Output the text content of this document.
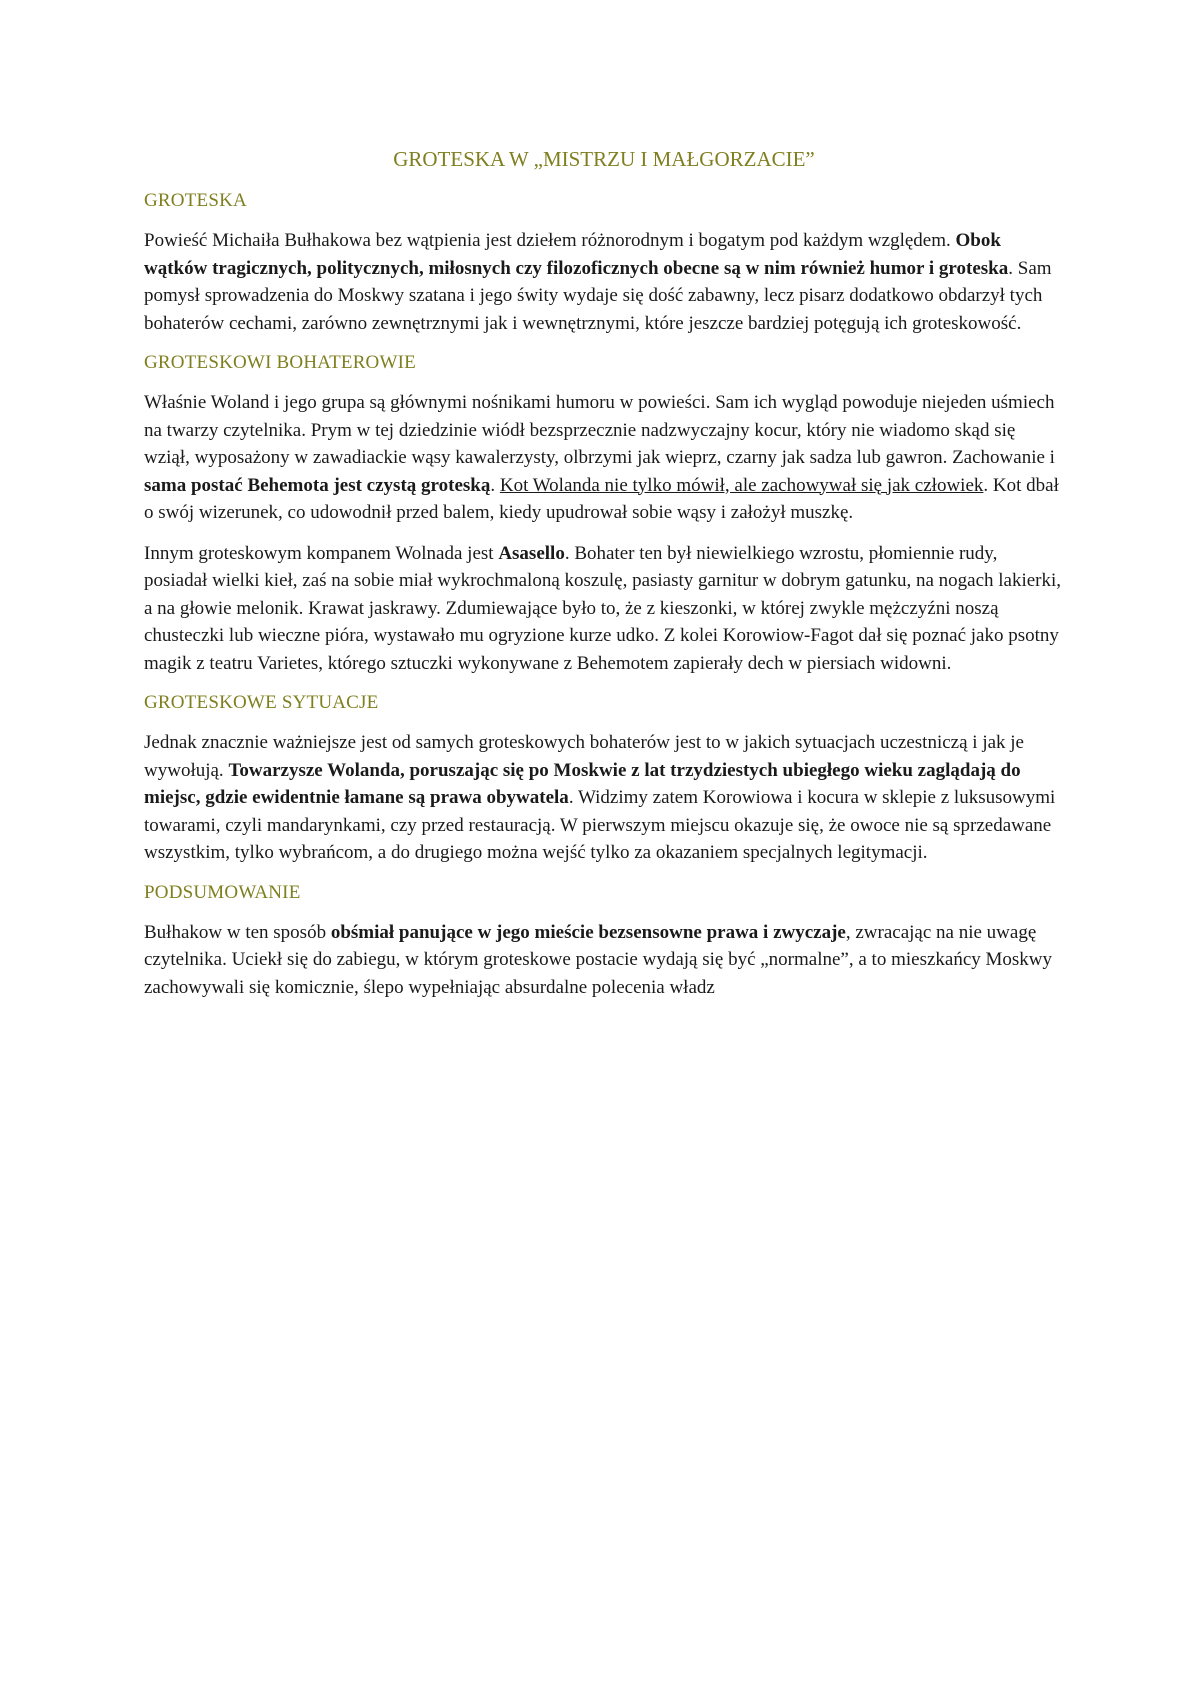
GROTESKA W „MISTRZU I MAŁGORZACIE”
GROTESKA

Powieść Michaiła Bułhakowa bez wątpienia jest dziełem różnorodnym i bogatym pod każdym względem. Obok wątków tragicznych, politycznych, miłosnych czy filozoficznych obecne są w nim również humor i groteska. Sam pomysł sprowadzenia do Moskwy szatana i jego świty wydaje się dość zabawny, lecz pisarz dodatkowo obdarzył tych bohaterów cechami, zarówno zewnętrznymi jak i wewnętrznymi, które jeszcze bardziej potęgują ich groteskowość.

GROTESKOWI BOHATEROWIE

Właśnie Woland i jego grupa są głównymi nośnikami humoru w powieści. Sam ich wygląd powoduje niejeden uśmiech na twarzy czytelnika. Prym w tej dziedzinie wiódł bezsprzecznie nadzwyczajny kocur, który nie wiadomo skąd się wziął, wyposażony w zawadiackie wąsy kawalerzysty, olbrzymi jak wieprz, czarny jak sadza lub gawron. Zachowanie i sama postać Behemota jest czystą groteską. Kot Wolanda nie tylko mówił, ale zachowywał się jak człowiek. Kot dbał o swój wizerunek, co udowodnił przed balem, kiedy upudrował sobie wąsy i założył muszkę.

Innym groteskowym kompanem Wolnada jest Asasello. Bohater ten był niewielkiego wzrostu, płomiennie rudy, posiadał wielki kieł, zaś na sobie miał wykrochmaloną koszulę, pasiasty garnitur w dobrym gatunku, na nogach lakierki, a na głowie melonik. Krawat jaskrawy. Zdumiewające było to, że z kieszonki, w której zwykle mężczyźni noszą chusteczki lub wieczne pióra, wystawało mu ogryzione kurze udko. Z kolei Korowiow-Fagot dał się poznać jako psotny magik z teatru Varietes, którego sztuczki wykonywane z Behemotem zapierały dech w piersiach widowni.

GROTESKOWE SYTUACJE

Jednak znacznie ważniejsze jest od samych groteskowych bohaterów jest to w jakich sytuacjach uczestniczą i jak je wywołują. Towarzysze Wolanda, poruszając się po Moskwie z lat trzydziestych ubiegłego wieku zaglądają do miejsc, gdzie ewidentnie łamane są prawa obywatela. Widzimy zatem Korowiowa i kocura w sklepie z luksusowymi towarami, czyli mandarynkami, czy przed restauracją. W pierwszym miejscu okazuje się, że owoce nie są sprzedawane wszystkim, tylko wybrańcom, a do drugiego można wejść tylko za okazaniem specjalnych legitymacji.

PODSUMOWANIE

Bułhakow w ten sposób obśmiał panujące w jego mieście bezsensowne prawa i zwyczaje, zwracając na nie uwagę czytelnika. Uciekł się do zabiegu, w którym groteskowe postacie wydają się być „normalne”, a to mieszkańcy Moskwy zachowywali się komicznie, ślepo wypełniając absurdalne polecenia władz
